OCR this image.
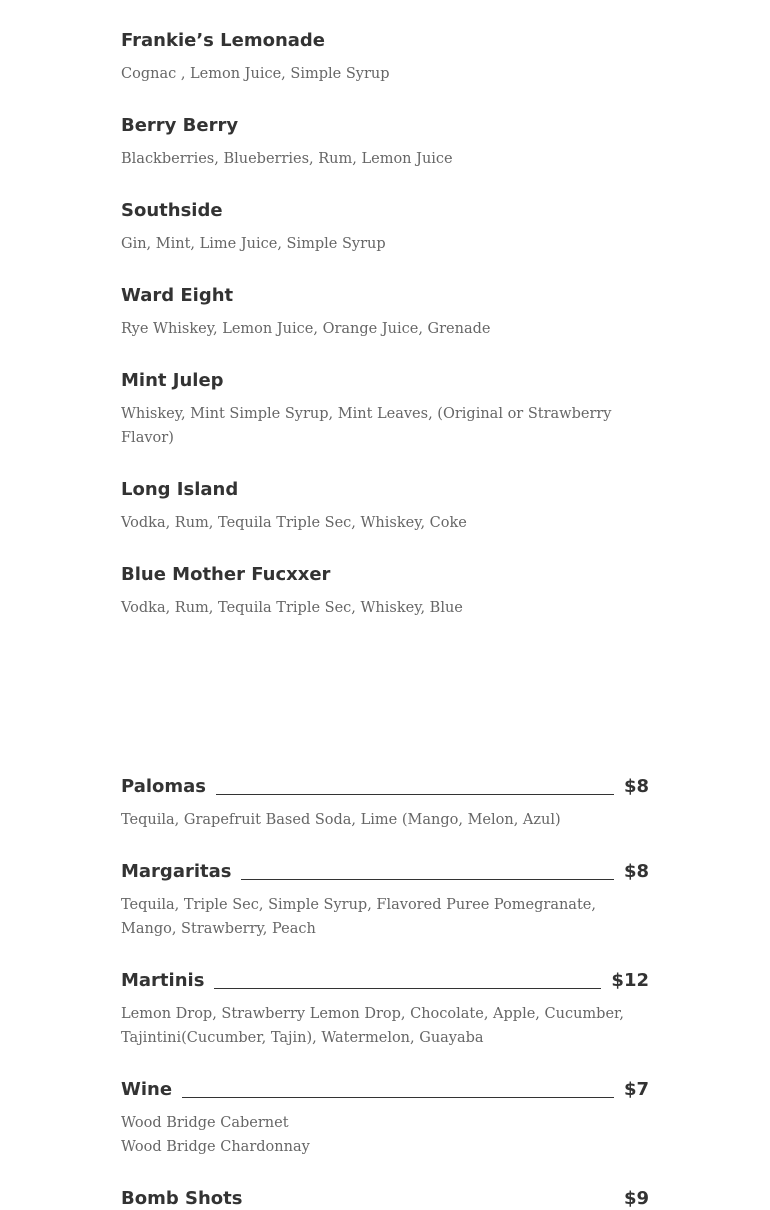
Frankie’s Lemonade
Cognac , Lemon Juice, Simple Syrup
Berry Berry
Blackberries, Blueberries, Rum, Lemon Juice
Southside
Gin, Mint, Lime Juice, Simple Syrup
Ward Eight
Rye Whiskey, Lemon Juice, Orange Juice, Grenade
Mint Julep
Whiskey, Mint Simple Syrup, Mint Leaves, (Original or Strawberry Flavor)
Long Island
Vodka, Rum, Tequila Triple Sec, Whiskey, Coke
Blue Mother Fucxxer
Vodka, Rum, Tequila Triple Sec, Whiskey, Blue
Palomas	$8
Tequila, Grapefruit Based Soda, Lime (Mango, Melon, Azul)
Margaritas	$8
Tequila, Triple Sec, Simple Syrup, Flavored Puree Pomegranate, Mango, Strawberry, Peach
Martinis	$12
Lemon Drop, Strawberry Lemon Drop, Chocolate, Apple, Cucumber, Tajintini(Cucumber, Tajin), Watermelon, Guayaba
Wine	$7
Wood Bridge Cabernet
Wood Bridge Chardonnay
Bomb Shots	$9
